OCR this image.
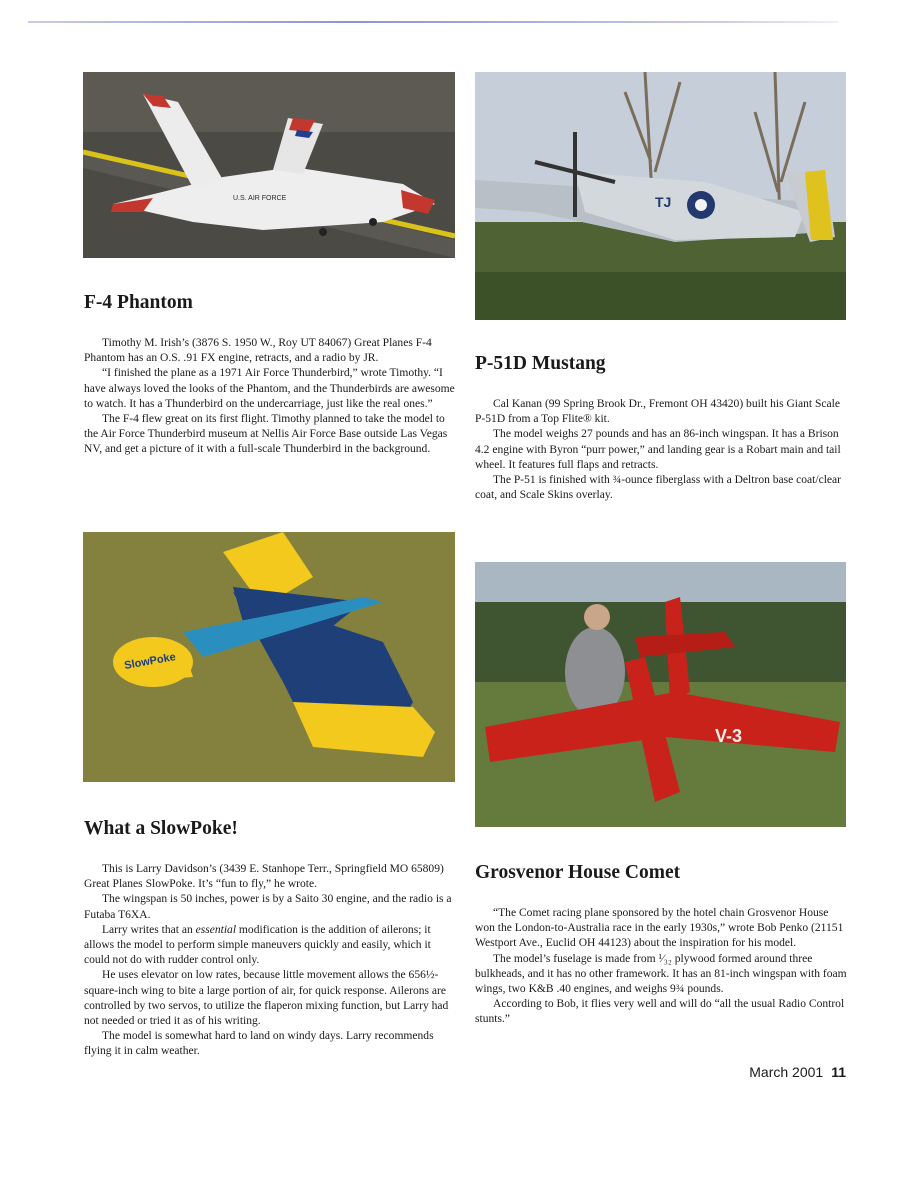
U.S. AIR FORCE	TJ
F-4 Phantom

Timothy M. Irish’s (3876 S. 1950 W., Roy UT 84067) Great Planes F-4 Phantom has an O.S. .91 FX engine, retracts, and a radio by JR.

“I finished the plane as a 1971 Air Force Thunderbird,” wrote Timothy. “I have always loved the looks of the Phantom, and the Thunderbirds are awesome to watch. It has a Thunderbird on the undercarriage, just like the real ones.”

The F-4 flew great on its first flight. Timothy planned to take the model to the Air Force Thunderbird museum at Nellis Air Force Base outside Las Vegas NV, and get a picture of it with a full-scale Thunderbird in the background.

P-51D Mustang

Cal Kanan (99 Spring Brook Dr., Fremont OH 43420) built his Giant Scale P-51D from a Top Flite® kit.

The model weighs 27 pounds and has an 86-inch wingspan. It has a Brison 4.2 engine with Byron “purr power,” and landing gear is a Robart main and tail wheel. It features full flaps and retracts.

The P-51 is finished with ¾-ounce fiberglass with a Deltron base coat/clear coat, and Scale Skins overlay.

SlowPoke
V-3
What a SlowPoke!

This is Larry Davidson’s (3439 E. Stanhope Terr., Springfield MO 65809) Great Planes SlowPoke. It’s “fun to fly,” he wrote.

The wingspan is 50 inches, power is by a Saito 30 engine, and the radio is a Futaba T6XA.

Larry writes that an essential modification is the addition of ailerons; it allows the model to perform simple maneuvers quickly and easily, which it could not do with rudder control only.

He uses elevator on low rates, because little movement allows the 656½-square-inch wing to bite a large portion of air, for quick response. Ailerons are controlled by two servos, to utilize the flaperon mixing function, but Larry had not needed or tried it as of his writing.

The model is somewhat hard to land on windy days. Larry recommends flying it in calm weather.

Grosvenor House Comet

“The Comet racing plane sponsored by the hotel chain Grosvenor House won the London-to-Australia race in the early 1930s,” wrote Bob Penko (21151 Westport Ave., Euclid OH 44123) about the inspiration for his model.

The model’s fuselage is made from ¹⁄₃₂ plywood formed around three bulkheads, and it has no other framework. It has an 81-inch wingspan with foam wings, two K&B .40 engines, and weighs 9¾ pounds.

According to Bob, it flies very well and will do “all the usual Radio Control stunts.”

March 2001 11
